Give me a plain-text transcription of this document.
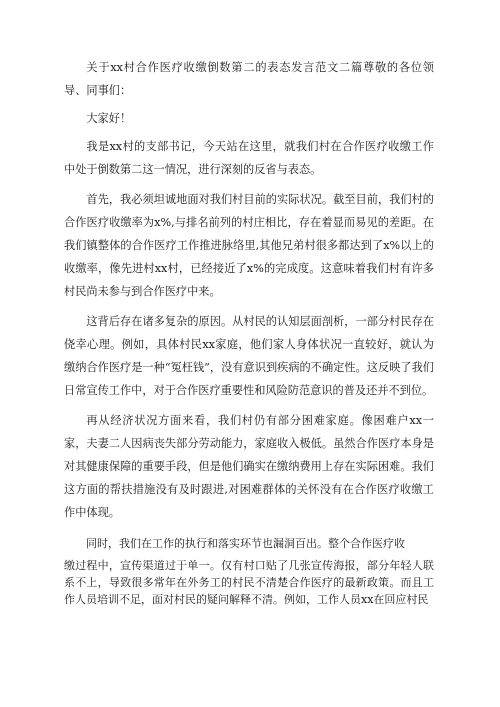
关于xx村合作医疗收缴倒数第二的表态发言范文二篇尊敬的各位领导、同事们：

大家好！

我是xx村的支部书记，今天站在这里，就我们村在合作医疗收缴工作中处于倒数第二这一情况，进行深刻的反省与表态。

首先，我必须坦诚地面对我们村目前的实际状况。截至目前，我们村的合作医疗收缴率为x%,与排名前列的村庄相比，存在着显而易见的差距。在我们镇整体的合作医疗工作推进脉络里,其他兄弟村很多都达到了x%以上的收缴率，像先进村xx村，已经接近了x%的完成度。这意味着我们村有许多村民尚未参与到合作医疗中来。

这背后存在诸多复杂的原因。从村民的认知层面剖析，一部分村民存在侥幸心理。例如，具体村民xx家庭，他们家人身体状况一直较好，就认为缴纳合作医疗是一种“冤枉钱”，没有意识到疾病的不确定性。这反映了我们日常宣传工作中，对于合作医疗重要性和风险防范意识的普及还并不到位。

再从经济状况方面来看，我们村仍有部分困难家庭。像困难户xx一家，夫妻二人因病丧失部分劳动能力，家庭收入极低。虽然合作医疗本身是对其健康保障的重要手段，但是他们确实在缴纳费用上存在实际困难。我们这方面的帮扶措施没有及时跟进,对困难群体的关怀没有在合作医疗收缴工作中体现。

同时，我们在工作的执行和落实环节也漏洞百出。整个合作医疗收
缴过程中，宣传渠道过于单一。仅有村口贴了几张宣传海报，部分年轻人联系不上，导致很多常年在外务工的村民不清楚合作医疗的最新政策。而且工作人员培训不足，面对村民的疑问解释不清。例如，工作人员xx在回应村民
